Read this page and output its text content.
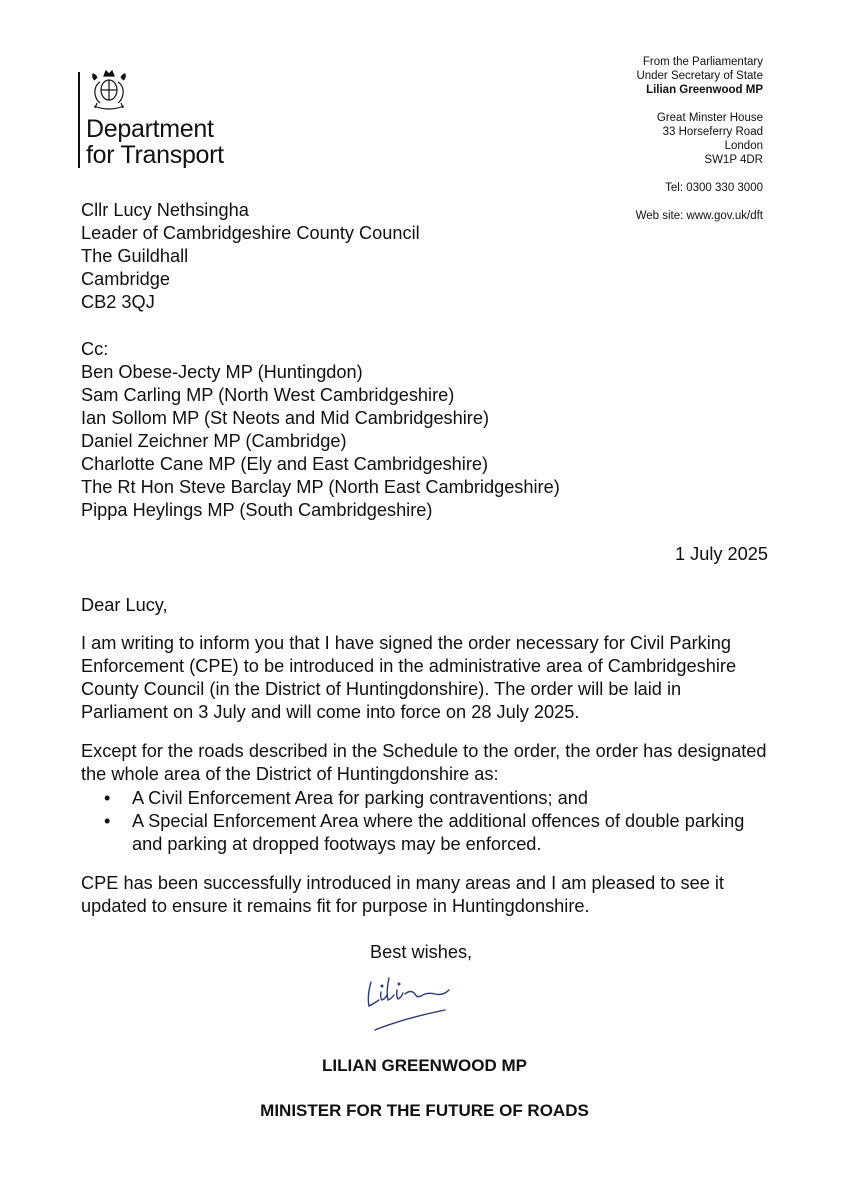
Department
for Transport
From the Parliamentary
Under Secretary of State
Lilian Greenwood MP
Great Minster House
33 Horseferry Road
London
SW1P 4DR
Tel: 0300 330 3000
Web site: www.gov.uk/dft
Cllr Lucy Nethsingha
Leader of Cambridgeshire County Council
The Guildhall
Cambridge
CB2 3QJ
Cc:
Ben Obese-Jecty MP (Huntingdon)
Sam Carling MP (North West Cambridgeshire)
Ian Sollom MP (St Neots and Mid Cambridgeshire)
Daniel Zeichner MP (Cambridge)
Charlotte Cane MP (Ely and East Cambridgeshire)
The Rt Hon Steve Barclay MP (North East Cambridgeshire)
Pippa Heylings MP (South Cambridgeshire)
1 July 2025
Dear Lucy,
I am writing to inform you that I have signed the order necessary for Civil Parking Enforcement (CPE) to be introduced in the administrative area of Cambridgeshire County Council (in the District of Huntingdonshire). The order will be laid in Parliament on 3 July and will come into force on 28 July 2025.
Except for the roads described in the Schedule to the order, the order has designated the whole area of the District of Huntingdonshire as:
• A Civil Enforcement Area for parking contraventions; and
• A Special Enforcement Area where the additional offences of double parking and parking at dropped footways may be enforced.
CPE has been successfully introduced in many areas and I am pleased to see it updated to ensure it remains fit for purpose in Huntingdonshire.
Best wishes,
LILIAN GREENWOOD MP
MINISTER FOR THE FUTURE OF ROADS
